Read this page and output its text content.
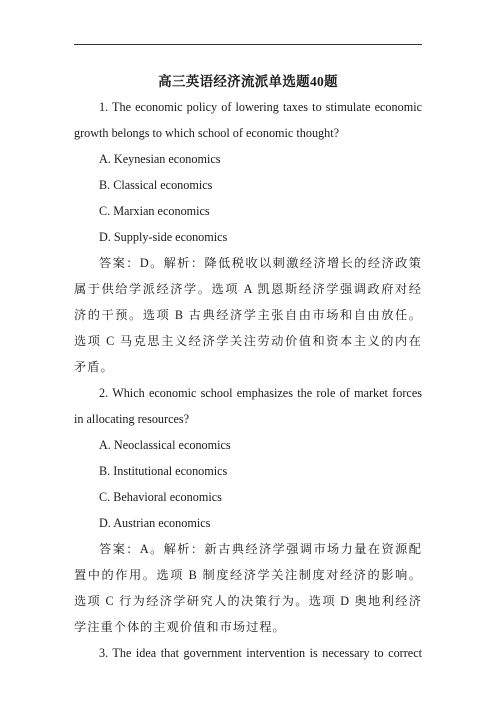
高三英语经济流派单选题40题

1. The economic policy of lowering taxes to stimulate economic growth belongs to which school of economic thought?

A. Keynesian economics

B. Classical economics

C. Marxian economics

D. Supply-side economics

答案：D。解析：降低税收以刺激经济增长的经济政策属于供给学派经济学。选项 A 凯恩斯经济学强调政府对经济的干预。选项 B 古典经济学主张自由市场和自由放任。选项 C 马克思主义经济学关注劳动价值和资本主义的内在矛盾。

2. Which economic school emphasizes the role of market forces in allocating resources?

A. Neoclassical economics

B. Institutional economics

C. Behavioral economics

D. Austrian economics

答案：A。解析：新古典经济学强调市场力量在资源配置中的作用。选项 B 制度经济学关注制度对经济的影响。选项 C 行为经济学研究人的决策行为。选项 D 奥地利经济学注重个体的主观价值和市场过程。

3. The idea that government intervention is necessary to correct
